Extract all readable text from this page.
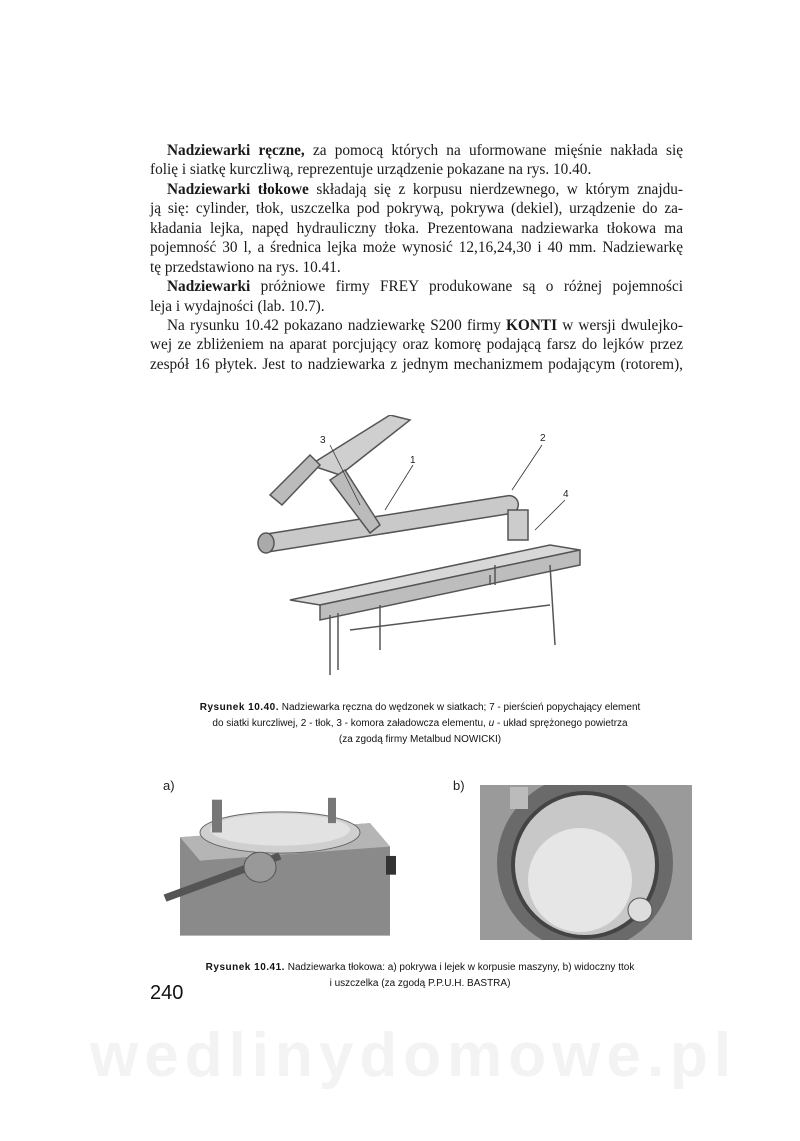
wedlinydomowe.pl
Nadziewarki ręczne, za pomocą których na uformowane mięśnie nakłada się
folię i siatkę kurczliwą, reprezentuje urządzenie pokazane na rys. 10.40.
Nadziewarki tłokowe składają się z korpusu nierdzewnego, w którym znajdu-
ją się: cylinder, tłok, uszczelka pod pokrywą, pokrywa (dekiel), urządzenie do za-
kładania lejka, napęd hydrauliczny tłoka. Prezentowana nadziewarka tłokowa ma
pojemność 30 l, a średnica lejka może wynosić 12,16,24,30 i 40 mm. Nadziewarkę
tę przedstawiono na rys. 10.41.
Nadziewarki próżniowe firmy FREY produkowane są o różnej pojemności
leja i wydajności (lab. 10.7).
Na rysunku 10.42 pokazano nadziewarkę S200 firmy KONTI w wersji dwulejko-
wej ze zbliżeniem na aparat porcjujący oraz komorę podającą farsz do lejków przez
zespół 16 płytek. Jest to nadziewarka z jednym mechanizmem podającym (rotorem),
3
1
2
4
Rysunek 10.40. Nadziewarka ręczna do wędzonek w siatkach; 7 - pierścień popychający element
do siatki kurczliwej, 2 - tłok, 3 - komora załadowcza elementu, u - układ sprężonego powietrza
(za zgodą firmy Metalbud NOWICKI)
a)	b)
Rysunek 10.41. Nadziewarka tłokowa: a) pokrywa i lejek w korpusie maszyny, b) widoczny ttok
i uszczelka (za zgodą P.P.U.H. BASTRA)
240
